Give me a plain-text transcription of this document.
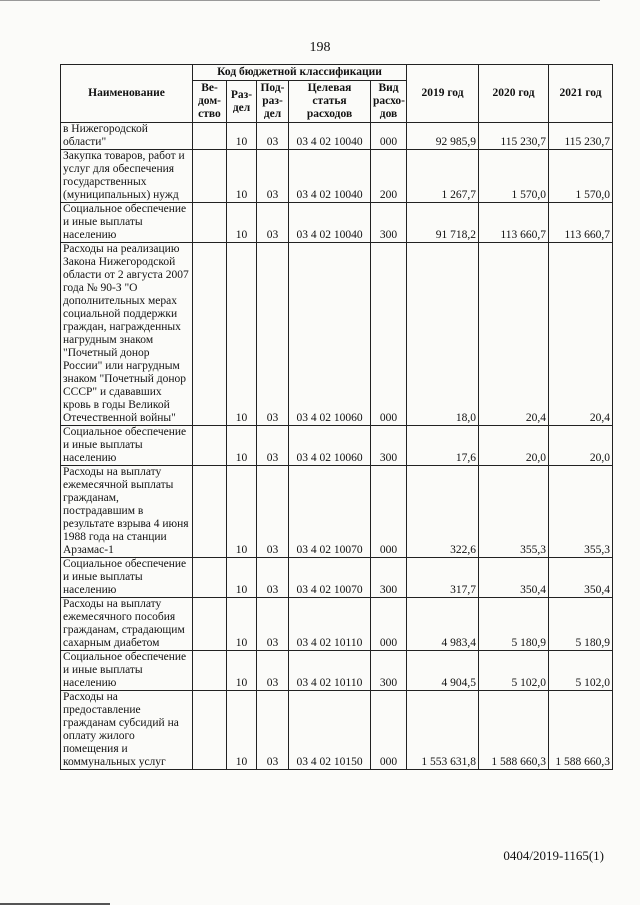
198
Наименование	Код бюджетной классификации					2019 год	2020 год	2021 год
	Ве-дом-ство	Раз-дел	Под-раз-дел	Целевая статья расходов	Вид расхо-дов			
в Нижегородской области"		10	03	03 4 02 10040	000	92 985,9	115 230,7	115 230,7
Закупка товаров, работ и услуг для обеспечения государственных (муниципальных) нужд		10	03	03 4 02 10040	200	1 267,7	1 570,0	1 570,0
Социальное обеспечение и иные выплаты населению		10	03	03 4 02 10040	300	91 718,2	113 660,7	113 660,7
Расходы на реализацию Закона Нижегородской области от 2 августа 2007 года № 90-З "О дополнительных мерах социальной поддержки граждан, награжденных нагрудным знаком "Почетный донор России" или нагрудным знаком "Почетный донор СССР" и сдававших кровь в годы Великой Отечественной войны"		10	03	03 4 02 10060	000	18,0	20,4	20,4
Социальное обеспечение и иные выплаты населению		10	03	03 4 02 10060	300	17,6	20,0	20,0
Расходы на выплату ежемесячной выплаты гражданам, пострадавшим в результате взрыва 4 июня 1988 года на станции Арзамас-1		10	03	03 4 02 10070	000	322,6	355,3	355,3
Социальное обеспечение и иные выплаты населению		10	03	03 4 02 10070	300	317,7	350,4	350,4
Расходы на выплату ежемесячного пособия гражданам, страдающим сахарным диабетом		10	03	03 4 02 10110	000	4 983,4	5 180,9	5 180,9
Социальное обеспечение и иные выплаты населению		10	03	03 4 02 10110	300	4 904,5	5 102,0	5 102,0
Расходы на предоставление гражданам субсидий на оплату жилого помещения и коммунальных услуг		10	03	03 4 02 10150	000	1 553 631,8	1 588 660,3	1 588 660,3
0404/2019-1165(1)
